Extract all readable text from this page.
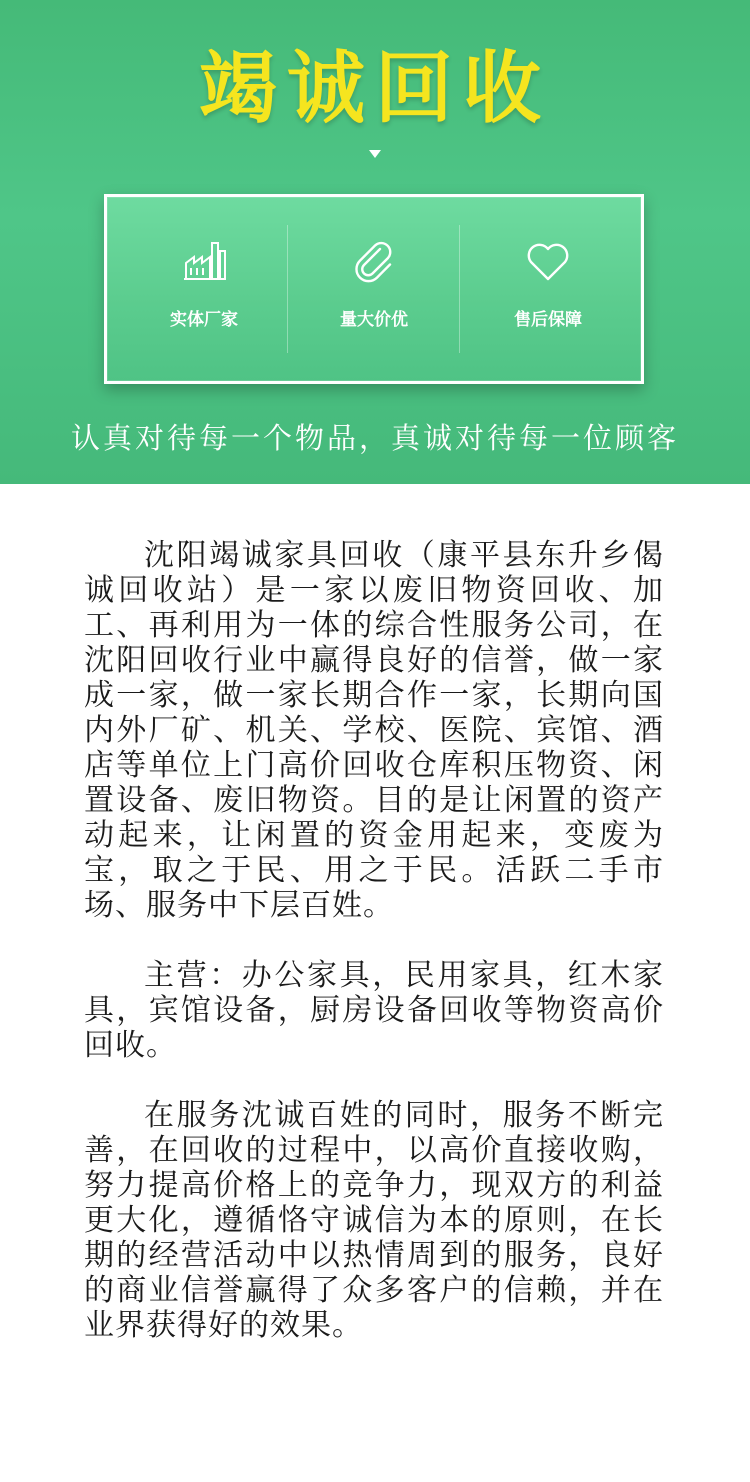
竭诚回收
实体厂家	量大价优	售后保障
认真对待每一个物品，真诚对待每一位顾客

沈阳竭诚家具回收（康平县东升乡偈诚回收站）是一家以废旧物资回收、加工、再利用为一体的综合性服务公司，在沈阳回收行业中赢得良好的信誉，做一家成一家，做一家长期合作一家，长期向国内外厂矿、机关、学校、医院、宾馆、酒店等单位上门高价回收仓库积压物资、闲置设备、废旧物资。目的是让闲置的资产动起来，让闲置的资金用起来，变废为宝，取之于民、用之于民。活跃二手市场、服务中下层百姓。

主营：办公家具，民用家具，红木家具，宾馆设备，厨房设备回收等物资高价回收。

在服务沈诚百姓的同时，服务不断完善，在回收的过程中，以高价直接收购，努力提高价格上的竞争力，现双方的利益更大化，遵循恪守诚信为本的原则，在长期的经营活动中以热情周到的服务，良好的商业信誉赢得了众多客户的信赖，并在业界获得好的效果。
